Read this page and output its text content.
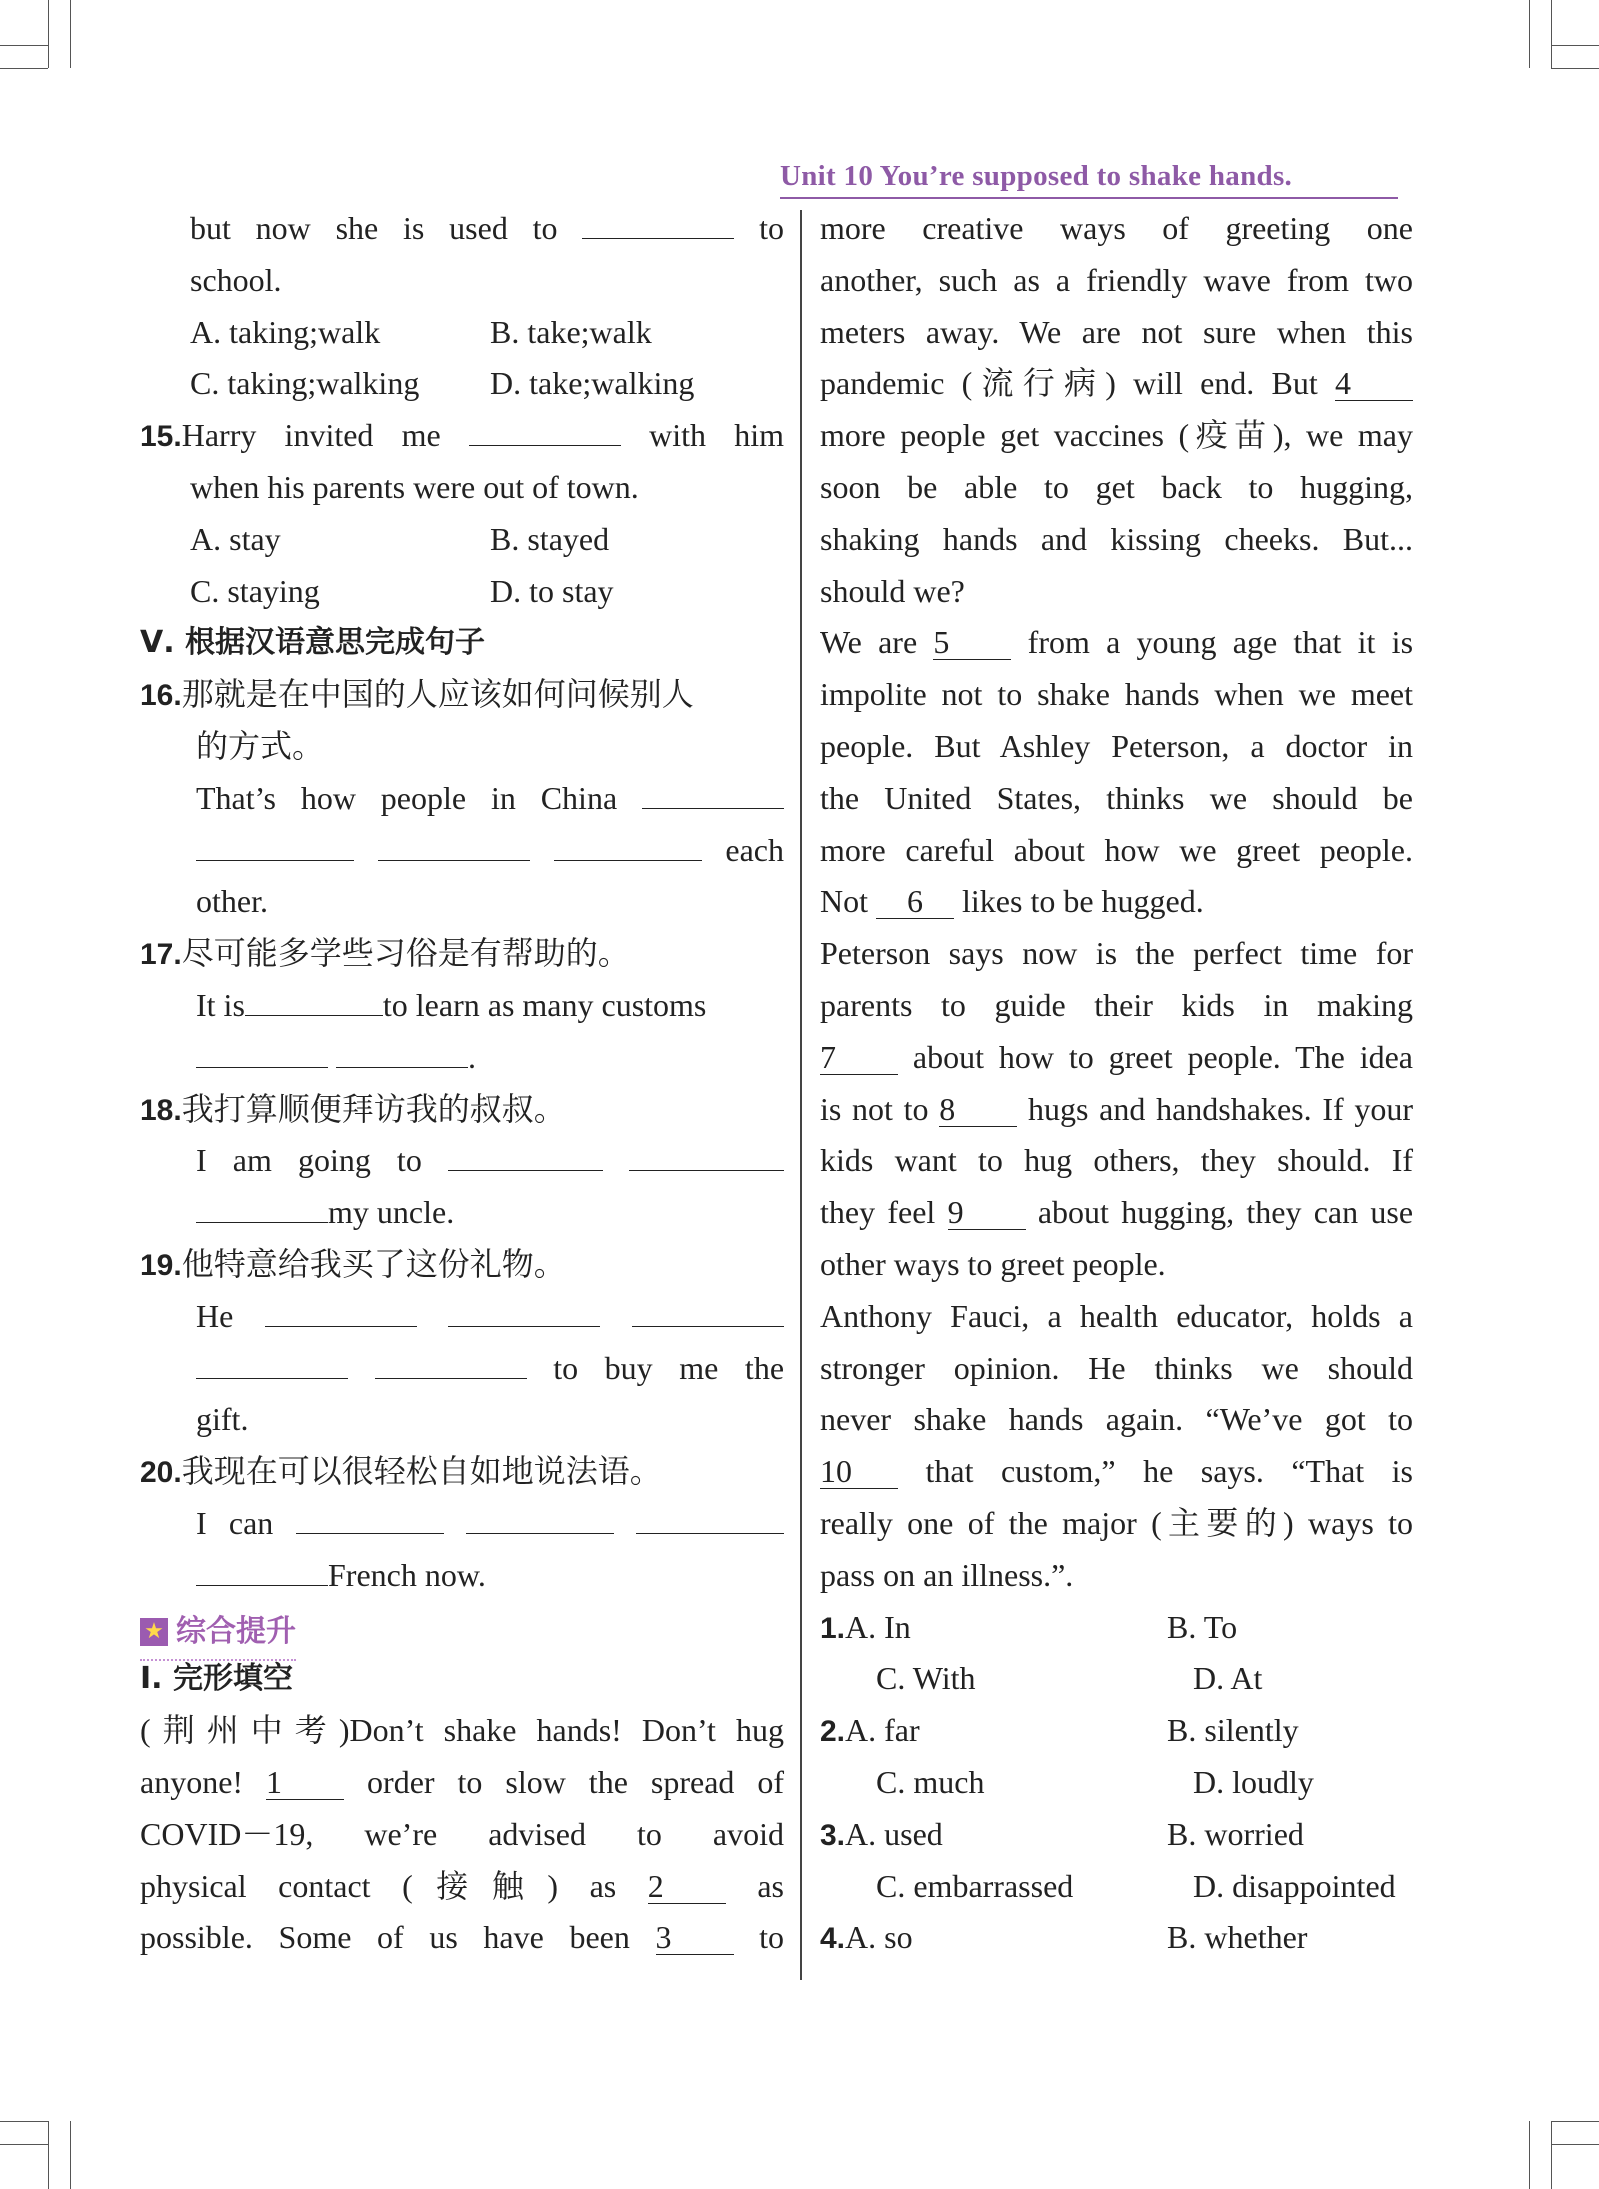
Unit 10 You’re supposed to shake hands.
but now she is used to	to
school.
A. taking;walk	B. take;walk
C. taking;walking D. take;walking
15.Harry invited me	with him
when his parents were out of town.
A. stay	B. stayed
C. staying	D. to stay
Ⅴ. 根据汉语意思完成句子
16.那就是在中国的人应该如何问候别人
的方式。
That’s how people in China
each
other.
17.尽可能多学些习俗是有帮助的。
It is	to learn as many customs
.
18.我打算顺便拜访我的叔叔。
I am going to
my uncle.
19.他特意给我买了这份礼物。
He
to buy me the
gift.
20.我现在可以很轻松自如地说法语。
I can
French now.
★ 综合提升
Ⅰ. 完形填空
(荆州中考)Don’t shake hands! Don’t hug
anyone! 1	order to slow the spread of
COVID－19, we’re advised to avoid
physical contact (接触) as 2	as
possible. Some of us have been 3	to
more creative ways of greeting one
another, such as a friendly wave from two
meters away. We are not sure when this
pandemic (流行病) will end. But 4
more people get vaccines (疫苗), we may
soon be able to get back to hugging,
shaking hands and kissing cheeks. But...
should we?
We are 5 from a young age that it is
impolite not to shake hands when we meet
people. But Ashley Peterson, a doctor in
the United States, thinks we should be
more careful about how we greet people.
Not 6 likes to be hugged.
Peterson says now is the perfect time for
parents to guide their kids in making
7 about how to greet people. The idea
is not to 8 hugs and handshakes. If your
kids want to hug others, they should. If
they feel 9 about hugging, they can use
other ways to greet people.
Anthony Fauci, a health educator, holds a
stronger opinion. He thinks we should
never shake hands again. “We’ve got to
10 that custom,” he says. “That is
really one of the major (主要的) ways to
pass on an illness.”.
1.A. In	B. To
C. With	D. At
2.A. far	B. silently
C. much	D. loudly
3.A. used	B. worried
C. embarrassed	D. disappointed
4.A. so	B. whether
